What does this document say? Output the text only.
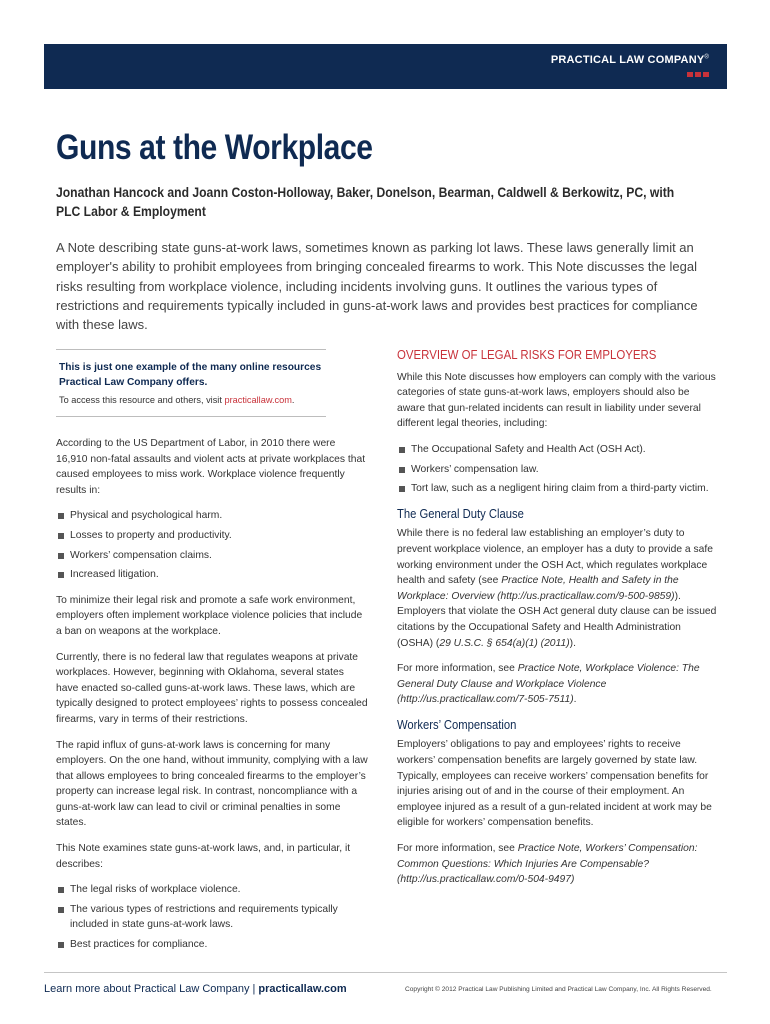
PRACTICAL LAW COMPANY®
Guns at the Workplace
Jonathan Hancock and Joann Coston-Holloway, Baker, Donelson, Bearman, Caldwell & Berkowitz, PC, with PLC Labor & Employment
A Note describing state guns-at-work laws, sometimes known as parking lot laws. These laws generally limit an employer's ability to prohibit employees from bringing concealed firearms to work. This Note discusses the legal risks resulting from workplace violence, including incidents involving guns. It outlines the various types of restrictions and requirements typically included in guns-at-work laws and provides best practices for compliance with these laws.
This is just one example of the many online resources Practical Law Company offers.
To access this resource and others, visit practicallaw.com.

According to the US Department of Labor, in 2010 there were 16,910 non-fatal assaults and violent acts at private workplaces that caused employees to miss work. Workplace violence frequently results in:

Physical and psychological harm.
Losses to property and productivity.
Workers’ compensation claims.
Increased litigation.

To minimize their legal risk and promote a safe work environment, employers often implement workplace violence policies that include a ban on weapons at the workplace.

Currently, there is no federal law that regulates weapons at private workplaces. However, beginning with Oklahoma, several states have enacted so-called guns-at-work laws. These laws, which are typically designed to protect employees’ rights to possess concealed firearms, vary in terms of their restrictions.

The rapid influx of guns-at-work laws is concerning for many employers. On the one hand, without immunity, complying with a law that allows employees to bring concealed firearms to the employer’s property can increase legal risk. In contrast, noncompliance with a guns-at-work law can lead to civil or criminal penalties in some states.

This Note examines state guns-at-work laws, and, in particular, it describes:

The legal risks of workplace violence.
The various types of restrictions and requirements typically included in state guns-at-work laws.
Best practices for compliance.
OVERVIEW OF LEGAL RISKS FOR EMPLOYERS

While this Note discusses how employers can comply with the various categories of state guns-at-work laws, employers should also be aware that gun-related incidents can result in liability under several different legal theories, including:

The Occupational Safety and Health Act (OSH Act).
Workers’ compensation law.
Tort law, such as a negligent hiring claim from a third-party victim.
The General Duty Clause

While there is no federal law establishing an employer’s duty to prevent workplace violence, an employer has a duty to provide a safe working environment under the OSH Act, which regulates workplace health and safety (see Practice Note, Health and Safety in the Workplace: Overview (http://us.practicallaw.com/9-500-9859)). Employers that violate the OSH Act general duty clause can be issued citations by the Occupational Safety and Health Administration (OSHA) (29 U.S.C. § 654(a)(1) (2011)).

For more information, see Practice Note, Workplace Violence: The General Duty Clause and Workplace Violence (http://us.practicallaw.com/7-505-7511).

Workers’ Compensation

Employers’ obligations to pay and employees’ rights to receive workers’ compensation benefits are largely governed by state law. Typically, employees can receive workers’ compensation benefits for injuries arising out of and in the course of their employment. An employee injured as a result of a gun-related incident at work may be eligible for workers’ compensation benefits.

For more information, see Practice Note, Workers’ Compensation: Common Questions: Which Injuries Are Compensable? (http://us.practicallaw.com/0-504-9497)

Learn more about Practical Law Company | practicallaw.com	Copyright © 2012 Practical Law Publishing Limited and Practical Law Company, Inc. All Rights Reserved.
